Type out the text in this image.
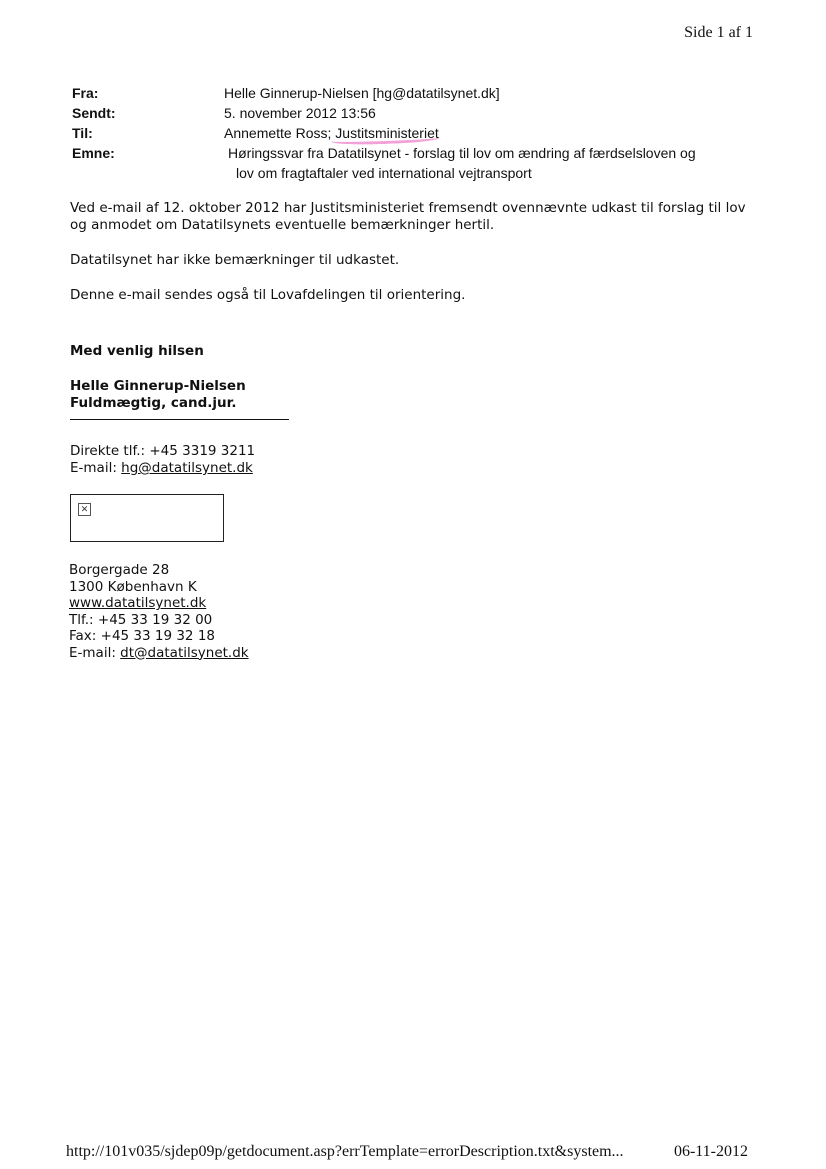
Side 1 af 1
Fra:	Helle Ginnerup-Nielsen [hg@datatilsynet.dk]
Sendt:	5. november 2012 13:56
Til:	Annemette Ross; Justitsministeriet
Emne:	Høringssvar fra Datatilsynet - forslag til lov om ændring af færdselsloven og
lov om fragtaftaler ved international vejtransport

Ved e-mail af 12. oktober 2012 har Justitsministeriet fremsendt ovennævnte udkast til forslag til lov og anmodet om Datatilsynets eventuelle bemærkninger hertil.

Datatilsynet har ikke bemærkninger til udkastet.

Denne e-mail sendes også til Lovafdelingen til orientering.

Med venlig hilsen
Helle Ginnerup-Nielsen
Fuldmægtig, cand.jur.
Direkte tlf.: +45 3319 3211
E-mail: hg@datatilsynet.dk
✕
Borgergade 28
1300 København K
www.datatilsynet.dk
Tlf.: +45 33 19 32 00
Fax: +45 33 19 32 18
E-mail: dt@datatilsynet.dk
http://101v035/sjdep09p/getdocument.asp?errTemplate=errorDescription.txt&system...	06-11-2012
